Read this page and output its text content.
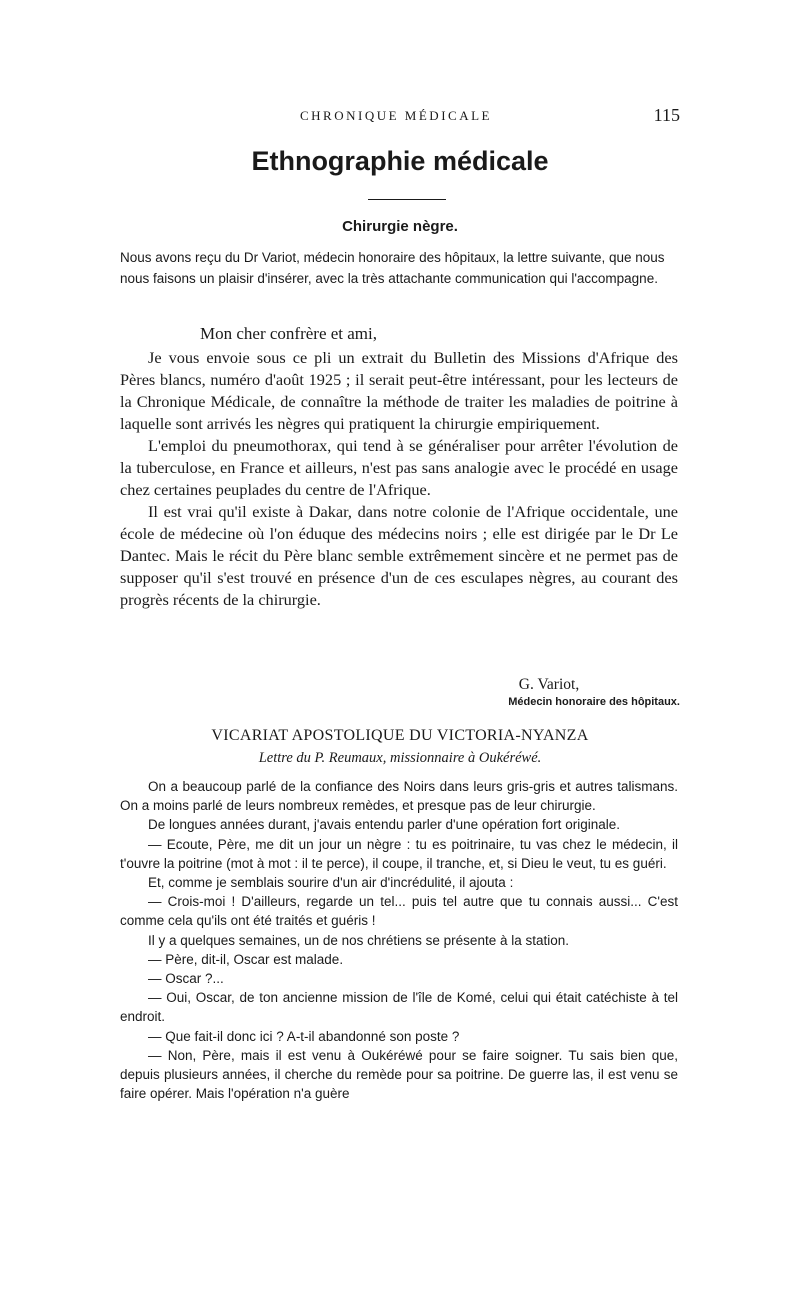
CHRONIQUE MÉDICALE	115
Ethnographie médicale
Chirurgie nègre.
Nous avons reçu du Dr Variot, médecin honoraire des hôpitaux, la lettre suivante, que nous nous faisons un plaisir d'insérer, avec la très attachante communication qui l'accompagne.
Mon cher confrère et ami,

Je vous envoie sous ce pli un extrait du Bulletin des Missions d'Afrique des Pères blancs, numéro d'août 1925 ; il serait peut-être intéressant, pour les lecteurs de la Chronique Médicale, de connaître la méthode de traiter les maladies de poitrine à laquelle sont arrivés les nègres qui pratiquent la chirurgie empiriquement.

L'emploi du pneumothorax, qui tend à se généraliser pour arrêter l'évolution de la tuberculose, en France et ailleurs, n'est pas sans analogie avec le procédé en usage chez certaines peuplades du centre de l'Afrique.

Il est vrai qu'il existe à Dakar, dans notre colonie de l'Afrique occidentale, une école de médecine où l'on éduque des médecins noirs ; elle est dirigée par le Dr Le Dantec. Mais le récit du Père blanc semble extrêmement sincère et ne permet pas de supposer qu'il s'est trouvé en présence d'un de ces esculapes nègres, au courant des progrès récents de la chirurgie.

G. Variot,
Médecin honoraire des hôpitaux.
VICARIAT APOSTOLIQUE DU VICTORIA-NYANZA
Lettre du P. Reumaux, missionnaire à Oukéréwé.

On a beaucoup parlé de la confiance des Noirs dans leurs gris-gris et autres talismans. On a moins parlé de leurs nombreux remèdes, et presque pas de leur chirurgie.

De longues années durant, j'avais entendu parler d'une opération fort originale.

— Ecoute, Père, me dit un jour un nègre : tu es poitrinaire, tu vas chez le médecin, il t'ouvre la poitrine (mot à mot : il te perce), il coupe, il tranche, et, si Dieu le veut, tu es guéri.

Et, comme je semblais sourire d'un air d'incrédulité, il ajouta :

— Crois-moi ! D'ailleurs, regarde un tel... puis tel autre que tu connais aussi... C'est comme cela qu'ils ont été traités et guéris !

Il y a quelques semaines, un de nos chrétiens se présente à la station.

— Père, dit-il, Oscar est malade.

— Oscar ?...

— Oui, Oscar, de ton ancienne mission de l'île de Komé, celui qui était catéchiste à tel endroit.

— Que fait-il donc ici ? A-t-il abandonné son poste ?

— Non, Père, mais il est venu à Oukéréwé pour se faire soigner. Tu sais bien que, depuis plusieurs années, il cherche du remède pour sa poitrine. De guerre las, il est venu se faire opérer. Mais l'opération n'a guère
